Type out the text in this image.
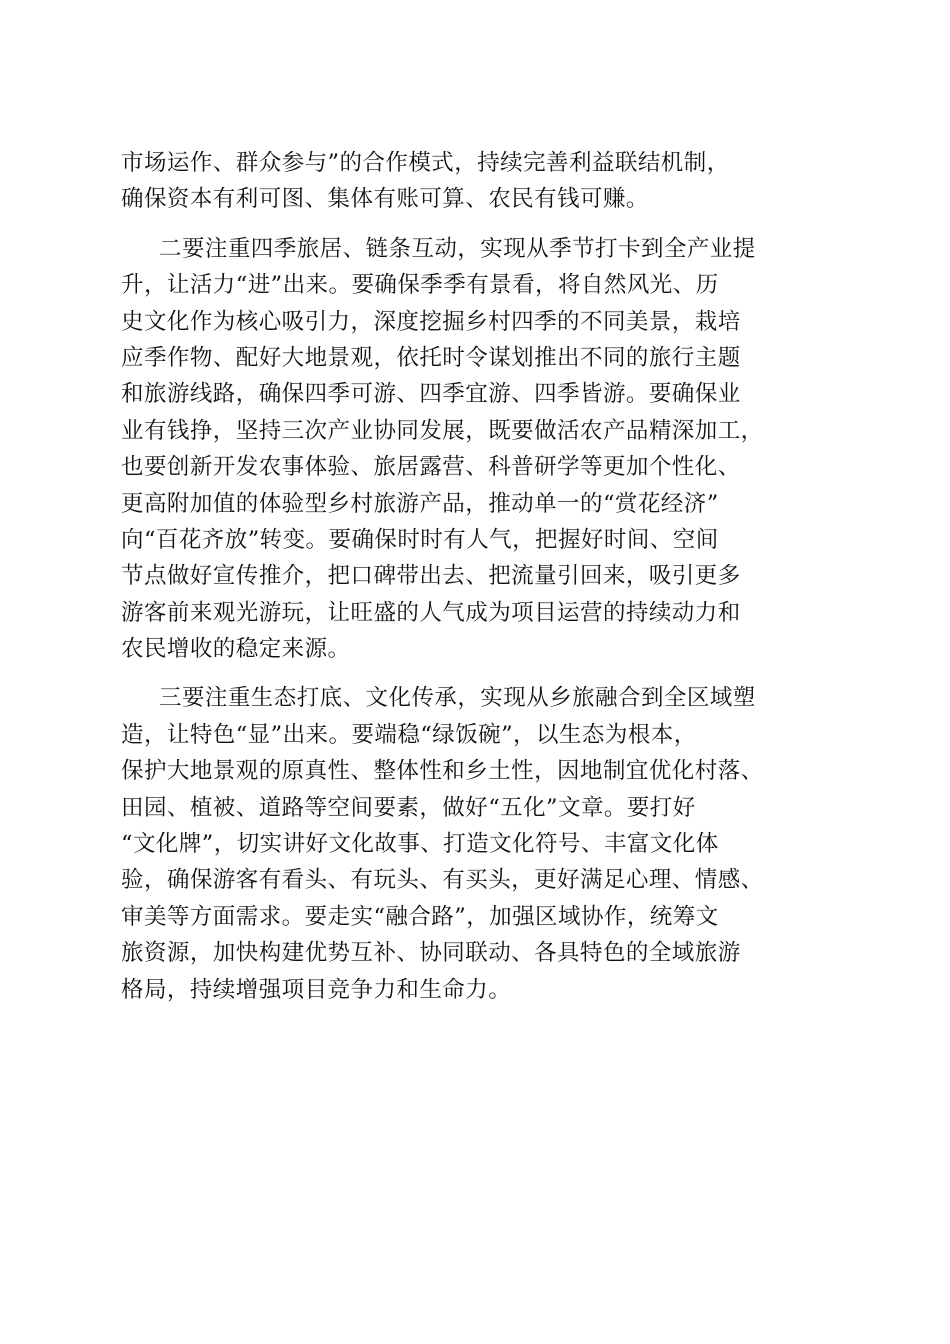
市场运作、群众参与”的合作模式，持续完善利益联结机制，
确保资本有利可图、集体有账可算、农民有钱可赚。
二要注重四季旅居、链条互动，实现从季节打卡到全产业提
升，让活力“进”出来。要确保季季有景看，将自然风光、历
史文化作为核心吸引力，深度挖掘乡村四季的不同美景，栽培
应季作物、配好大地景观，依托时令谋划推出不同的旅行主题
和旅游线路，确保四季可游、四季宜游、四季皆游。要确保业
业有钱挣，坚持三次产业协同发展，既要做活农产品精深加工，
也要创新开发农事体验、旅居露营、科普研学等更加个性化、
更高附加值的体验型乡村旅游产品，推动单一的“赏花经济”
向“百花齐放”转变。要确保时时有人气，把握好时间、空间
节点做好宣传推介，把口碑带出去、把流量引回来，吸引更多
游客前来观光游玩，让旺盛的人气成为项目运营的持续动力和
农民增收的稳定来源。
三要注重生态打底、文化传承，实现从乡旅融合到全区域塑
造，让特色“显”出来。要端稳“绿饭碗”，以生态为根本，
保护大地景观的原真性、整体性和乡土性，因地制宜优化村落、
田园、植被、道路等空间要素，做好“五化”文章。要打好
“文化牌”，切实讲好文化故事、打造文化符号、丰富文化体
验，确保游客有看头、有玩头、有买头，更好满足心理、情感、
审美等方面需求。要走实“融合路”，加强区域协作，统筹文
旅资源，加快构建优势互补、协同联动、各具特色的全域旅游
格局，持续增强项目竞争力和生命力。
